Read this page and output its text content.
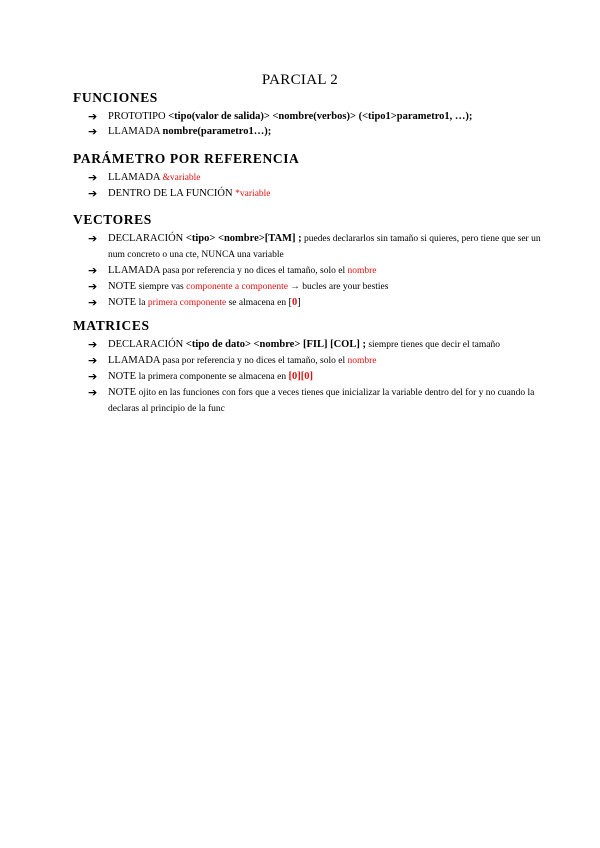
PARCIAL 2
FUNCIONES
➔ PROTOTIPO <tipo(valor de salida)> <nombre(verbos)> (<tipo1>parametro1, …);
➔ LLAMADA nombre(parametro1…);
PARÁMETRO POR REFERENCIA
➔ LLAMADA &variable
➔ DENTRO DE LA FUNCIÓN *variable
VECTORES
➔ DECLARACIÓN <tipo> <nombre>[TAM] ; puedes declararlos sin tamaño si quieres, pero tiene que ser un num concreto o una cte, NUNCA una variable
➔ LLAMADA pasa por referencia y no dices el tamaño, solo el nombre
➔ NOTE siempre vas componente a componente → bucles are your besties
➔ NOTE la primera componente se almacena en [0]
MATRICES
➔ DECLARACIÓN <tipo de dato> <nombre> [FIL] [COL] ; siempre tienes que decir el tamaño
➔ LLAMADA pasa por referencia y no dices el tamaño, solo el nombre
➔ NOTE la primera componente se almacena en [0][0]
➔ NOTE ojito en las funciones con fors que a veces tienes que inicializar la variable dentro del for y no cuando la declaras al principio de la func
